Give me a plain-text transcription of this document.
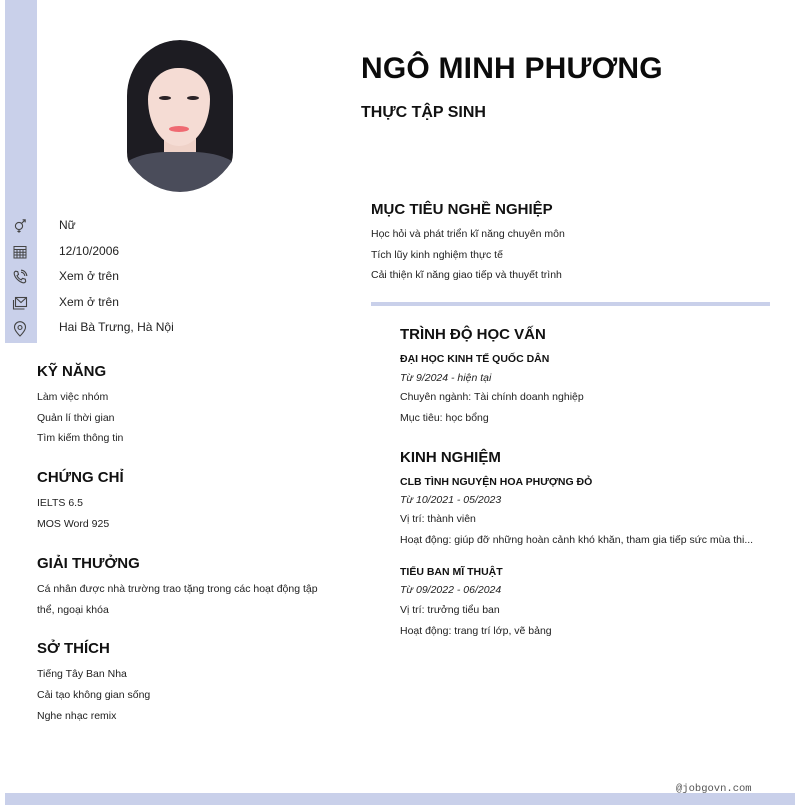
NGÔ MINH PHƯƠNG
THỰC TẬP SINH
Nữ
12/10/2006
Xem ở trên
Xem ở trên
Hai Bà Trưng, Hà Nội
KỸ NĂNG
Làm việc nhóm
Quản lí thời gian
Tìm kiếm thông tin
CHỨNG CHỈ
IELTS 6.5
MOS Word 925
GIẢI THƯỞNG
Cá nhân được nhà trường trao tặng trong các hoạt động tập
thể, ngoại khóa
SỞ THÍCH
Tiếng Tây Ban Nha
Cải tạo không gian sống
Nghe nhạc remix
MỤC TIÊU NGHỀ NGHIỆP
Học hỏi và phát triển kĩ năng chuyên môn
Tích lũy kinh nghiệm thực tế
Cải thiện kĩ năng giao tiếp và thuyết trình
TRÌNH ĐỘ HỌC VẤN
ĐẠI HỌC KINH TẾ QUỐC DÂN
Từ 9/2024 - hiện tại
Chuyên ngành: Tài chính doanh nghiệp
Mục tiêu: học bổng
KINH NGHIỆM
CLB TÌNH NGUYỆN HOA PHƯỢNG ĐỎ
Từ 10/2021 - 05/2023
Vị trí: thành viên
Hoạt động: giúp đỡ những hoàn cảnh khó khăn, tham gia tiếp sức mùa thi...
TIỂU BAN MĨ THUẬT
Từ 09/2022 - 06/2024
Vị trí: trưởng tiểu ban
Hoạt động: trang trí lớp, vẽ bảng
@jobgovn.com
